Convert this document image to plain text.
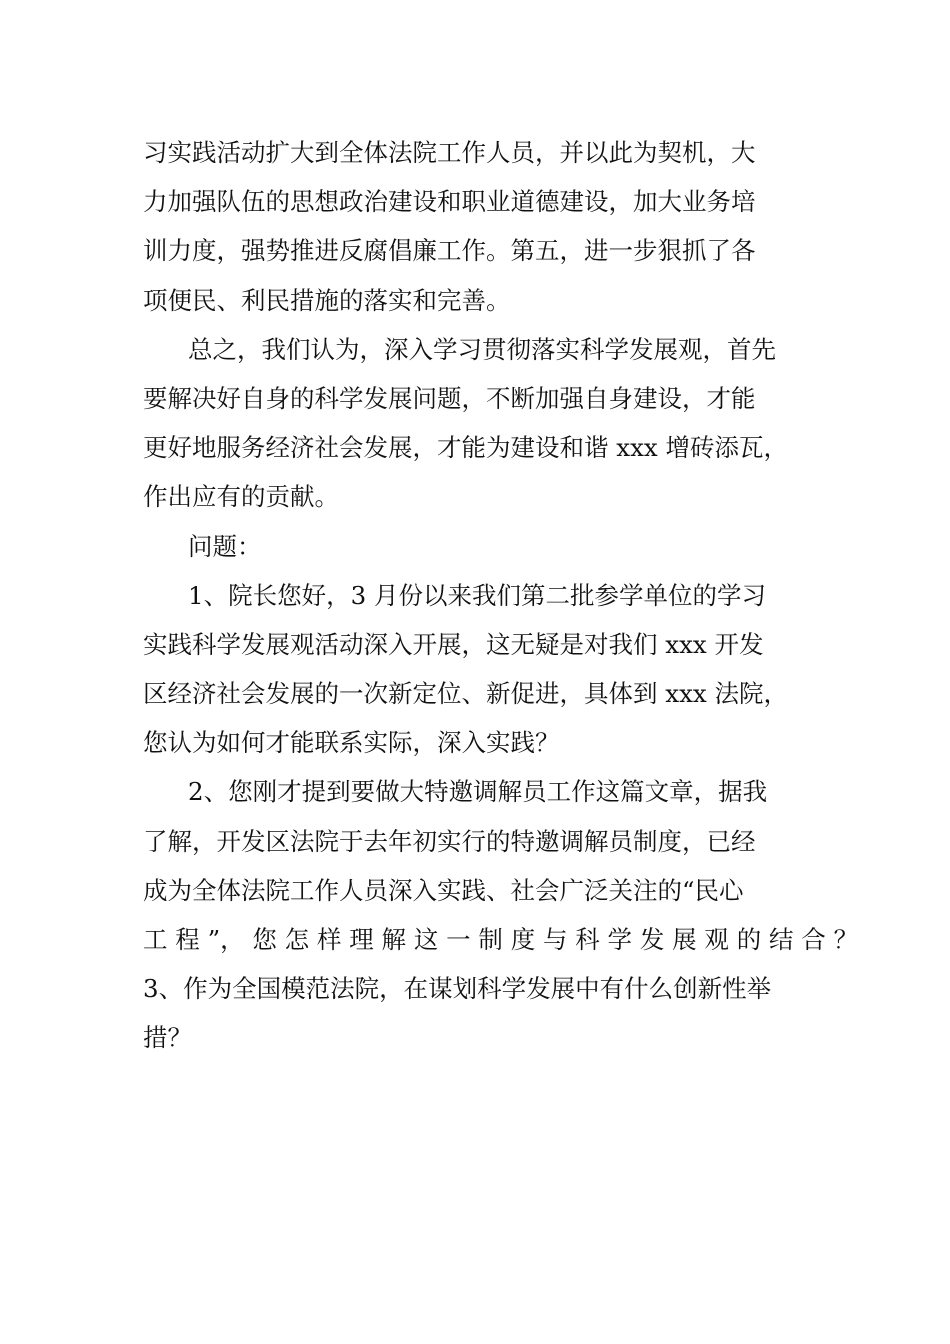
习实践活动扩大到全体法院工作人员，并以此为契机，大
力加强队伍的思想政治建设和职业道德建设，加大业务培
训力度，强势推进反腐倡廉工作。第五，进一步狠抓了各
项便民、利民措施的落实和完善。
总之，我们认为，深入学习贯彻落实科学发展观，首先
要解决好自身的科学发展问题，不断加强自身建设，才能
更好地服务经济社会发展，才能为建设和谐 xxx 增砖添瓦，
作出应有的贡献。
问题：
1、院长您好，3 月份以来我们第二批参学单位的学习
实践科学发展观活动深入开展，这无疑是对我们 xxx 开发
区经济社会发展的一次新定位、新促进，具体到 xxx 法院，
您认为如何才能联系实际，深入实践？
2、您刚才提到要做大特邀调解员工作这篇文章，据我
了解，开发区法院于去年初实行的特邀调解员制度，已经
成为全体法院工作人员深入实践、社会广泛关注的“民心
工 程 ”， 您 怎 样 理 解 这 一 制 度 与 科 学 发 展 观 的 结 合 ？
3、作为全国模范法院，在谋划科学发展中有什么创新性举
措？
